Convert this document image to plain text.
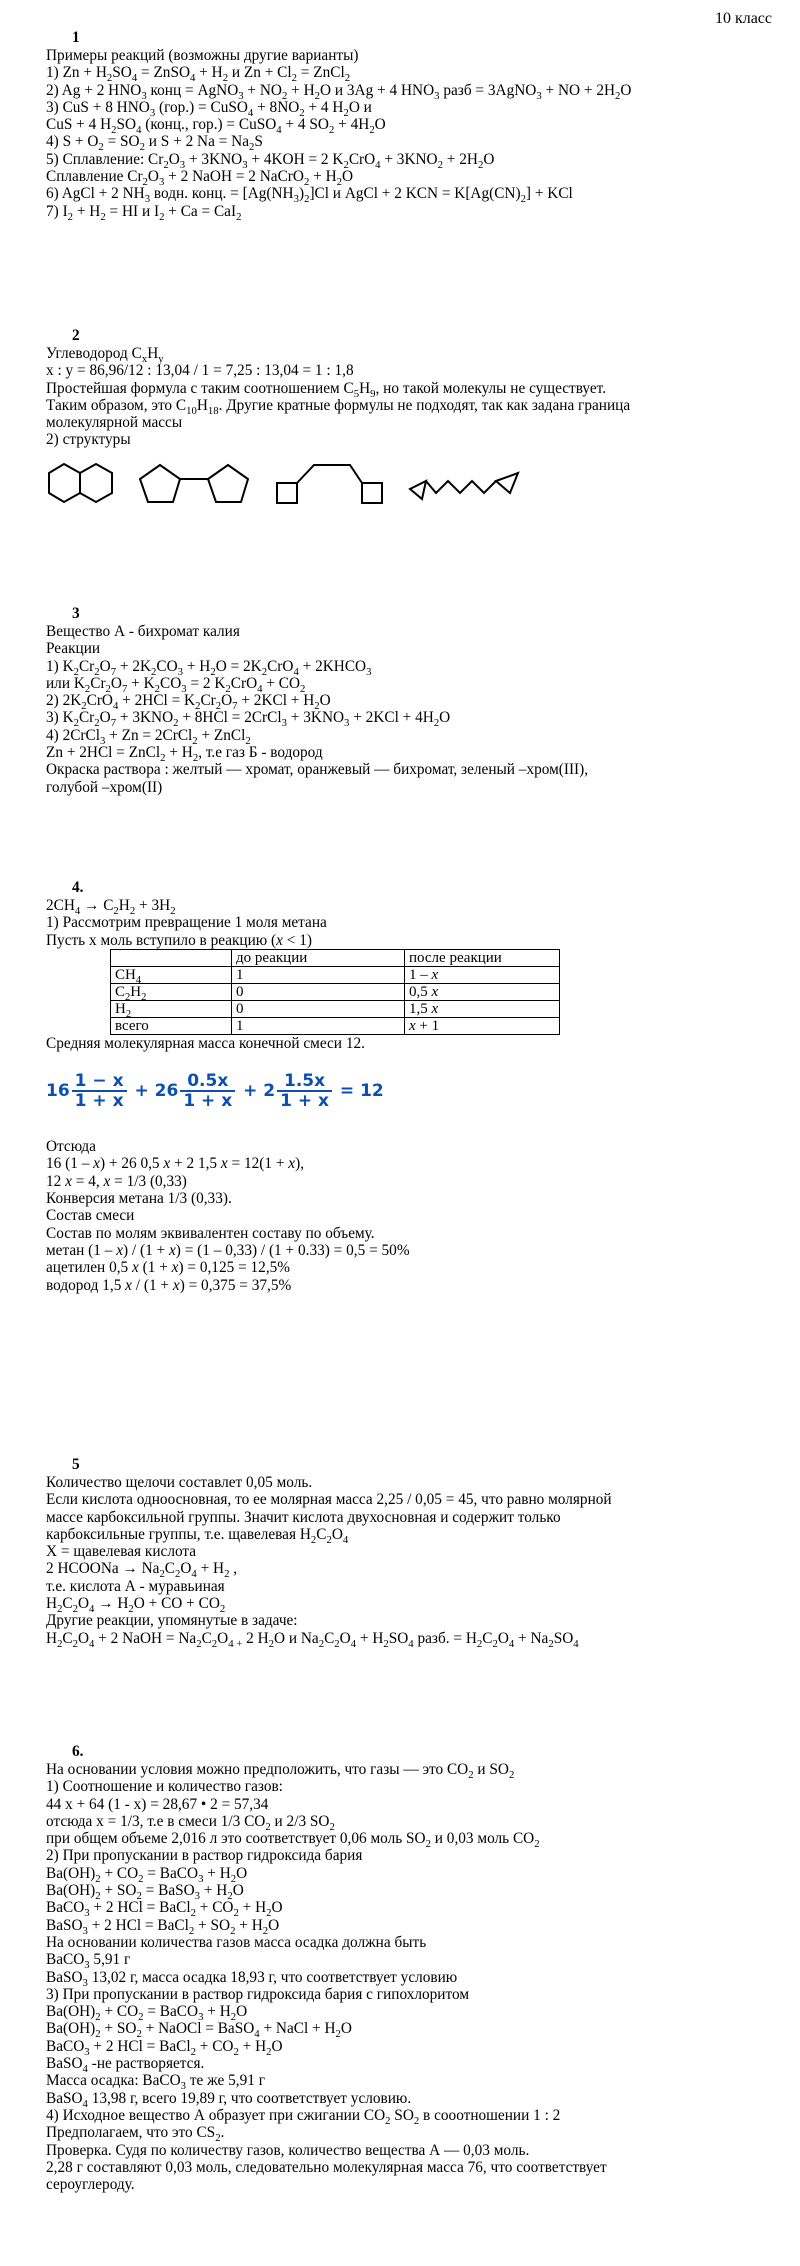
10 класс
1
Примеры реакций (возможны другие варианты)
1) $Zn + H_2SO_4$ = ZnSO$_4$ + $H_2$ и $Zn + Cl_2$ = ZnCl$_2$
2) Ag + 2 $HNO_3$ конц = AgNO$_3$ + $NO_2 + H_2O$ и 3Ag + 4 $HNO_3$ разб = 3AgNO$_3$ + NO + $2H_2O$
3) CuS + 8 $HNO_3$ (гор.) = CuSO$_4$ + $8NO_2 + 4$ $H_2O$ и
CuS + 4 $H_2SO_4$ (конц., гор.) = CuSO$_4$ + 4 $SO_2 + 4H_2O$
4) $S + O_2 = SO_2$ и S + 2 $Na = Na_2S$
5) Сплавление: $Cr_2O_3 + 3KNO_3 + 4KOH = 2$ $K_2CrO_4 + 3KNO_2 + 2H_2O$
Сплавление $Cr_2O_3 + 2$ NaOH = 2 NaCrO$_2$ + $H_2O$
6) AgCl + 2 $NH_3$ водн. конц. = $[Ag(NH_3)_2]Cl$ и AgCl + 2 KCN = $K[Ag(CN)_2]$ + KCl
7) $I_2 + H_2$ = HI и $I_2 + Ca = CaI_2$
2
Углеводород $C_xH_y$
x : y = 86,96/12 : 13,04 / 1 = 7,25 : 13,04 = 1 : 1,8
Простейшая формула с таким соотношением $C_5H_9$, но такой молекулы не существует.
Таким образом, это $C_{10}H_{18}$. Другие кратные формулы не подходят, так как задана граница
молекулярной массы
2) структуры
3
Вещество А - бихромат калия
Реакции
1) $K_2Cr_2O_7 + 2K_2CO_3 + H_2O = 2K_2CrO_4$ + $2KHCO_3$
или $K_2Cr_2O_7 + K_2CO_3 = 2$ $K_2CrO_4 + CO_2$
2) $2K_2CrO_4 + 2HCl = K_2Cr_2O_7 + 2KCl + H_2O$
3) $K_2Cr_2O_7 + 3KNO_2 + 8HCl$ = 2CrCl$_3$ + $3KNO_3 + 2KCl + 4H_2O$
4) 2CrCl$_3$ + Zn = 2CrCl$_2$ + ZnCl$_2$
Zn + 2HCl = ZnCl$_2$ + $H_2$, т.е газ Б - водород
Окраска раствора : желтый — хромат, оранжевый — бихромат, зеленый –хром(III),
голубой –хром(II)
4.
$2CH_4 \to C_2H_2 + 3H_2$
1) Рассмотрим превращение 1 моля метана
Пусть x моль вступило в реакцию (x < 1)
	до реакции	после реакции
$CH_4$	1	1 – x
$C_2H_2$	0	0,5 x
$H_2$	0	1,5 x
всего	1	x + 1
Средняя молекулярная масса конечной смеси 12.
$16 \frac{1 - x}{1 + x} + 26 \frac{0.5x}{1 + x} + 2 \frac{1.5x}{1 + x} = 12$
Отсюда
16 (1 – x) + 26 0,5 x + 2 1,5 x = 12(1 + x),
12 x = 4, x = 1/3 (0,33)
Конверсия метана 1/3 (0,33).
Состав смеси
Состав по молям эквивалентен составу по объему.
метан (1 – x) / (1 + x) = (1 – 0,33) / (1 + 0.33) = 0,5 = 50%
ацетилен 0,5 x (1 + x) = 0,125 = 12,5%
водород 1,5 x / (1 + x) = 0,375 = 37,5%
5
Количество щелочи составлет 0,05 моль.
Если кислота одноосновная, то ее молярная масса 2,25 / 0,05 = 45, что равно молярной
массе карбоксильной группы. Значит кислота двухосновная и содержит только
карбоксильные группы, т.е. щавелевая $H_2C_2O_4$
X = щавелевая кислота
2 HCOONa → $Na_2C_2O_4 + H_2$ ,
т.е. кислота А - муравьиная
$H_2C_2O_4 \to H_2O$ + CO + $CO_2$
Другие реакции, упомянутые в задаче:
$H_2C_2O_4 + 2$ NaOH = $Na_2C_2O_{4 +}$ 2 $H_2O$ и $Na_2C_2O_4 + H_2SO_4$ разб. = $H_2C_2O_4 + Na_2SO_4$
6.
На основании условия можно предположить, что газы — это $CO_2$ и $SO_2$
1) Соотношение и количество газов:
44 x + 64 (1 - x) = 28,67 • 2 = 57,34
отсюда x = 1/3, т.е в смеси 1/3 $CO_2$ и 2/3 $SO_2$
при общем объеме 2,016 л это соответствует 0,06 моль $SO_2$ и 0,03 моль $CO_2$
2) При пропускании в раствор гидроксида бария
$Ba(OH)_2 + CO_2$ = BaCO$_3$ + $H_2O$
$Ba(OH)_2 + SO_2$ = BaSO$_3$ + $H_2O$
BaCO$_3$ + 2 HCl = BaCl$_2$ + $CO_2 + H_2O$
BaSO$_3$ + 2 HCl = BaCl$_2$ + $SO_2 + H_2O$
На основании количества газов масса осадка должна быть
BaCO$_3$ 5,91 г
BaSO$_3$ 13,02 г, масса осадка 18,93 г, что соответствует условию
3) При пропускании в раствор гидроксида бария с гипохлоритом
$Ba(OH)_2 + CO_2$ = BaCO$_3$ + $H_2O$
$Ba(OH)_2 + SO_2$ + NaOCl = BaSO$_4$ + NaCl + $H_2O$
BaCO$_3$ + 2 HCl = BaCl$_2$ + $CO_2 + H_2O$
BaSO$_4$ -не растворяется.
Масса осадка: BaCO$_3$ те же 5,91 г
BaSO$_4$ 13,98 г, всего 19,89 г, что соответствует условию.
4) Исходное вещество А образует при сжигании $CO_2$ $SO_2$ в сооотношении 1 : 2
Предполагаем, что это $CS_2$.
Проверка. Судя по количеству газов, количество вещества А — 0,03 моль.
2,28 г составляют 0,03 моль, следовательно молекулярная масса 76, что соответствует
сероуглероду.
